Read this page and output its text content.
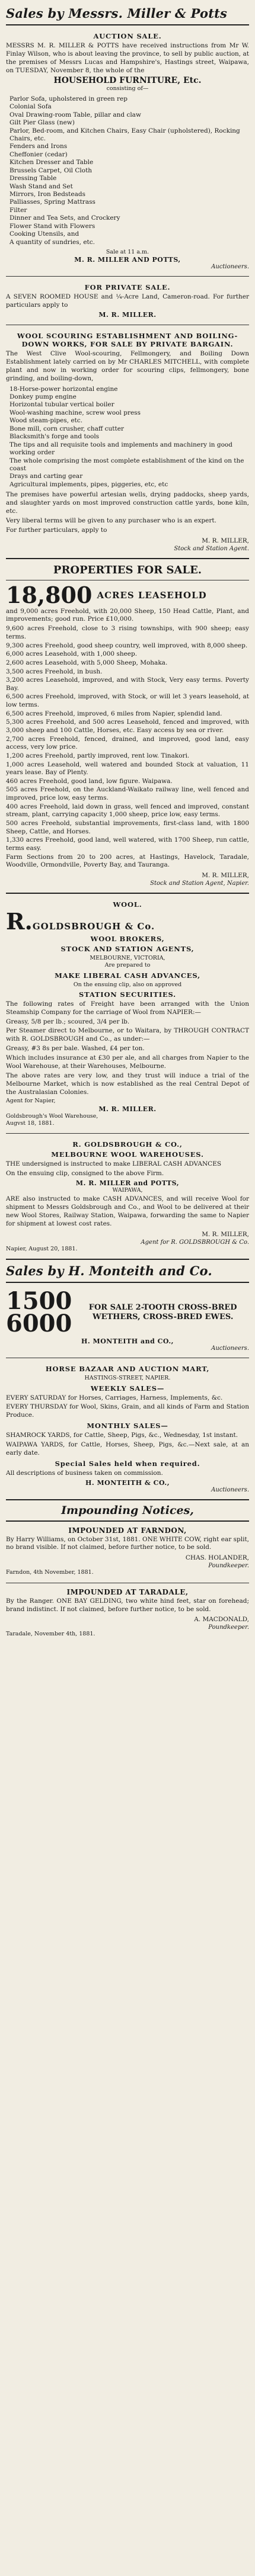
Sales by Messrs. Miller & Potts
AUCTION SALE.
MESSRS M. R. MILLER & POTTS have received instructions from Mr W. Finlay Wilson, who is about leaving the province, to sell by public auction, at the premises of Messrs Lucas and Hampshire's, Hastings street, Waipawa, on TUESDAY, November 8, the whole of the
HOUSEHOLD FURNITURE, Etc.
consisting of—
Parlor Sofa, upholstered in green rep
Colonial Sofa
Oval Drawing-room Table, pillar and claw
Gilt Pier Glass (new)
Parlor, Bed-room, and Kitchen Chairs, Easy Chair (upholstered), Rocking Chairs, etc.
Fenders and Irons
Cheffonier (cedar)
Kitchen Dresser and Table
Brussels Carpet, Oil Cloth
Dressing Table
Wash Stand and Set
Mirrors, Iron Bedsteads
Palliasses, Spring Mattrass
Filter
Dinner and Tea Sets, and Crockery
Flower Stand with Flowers
Cooking Utensils, and
A quantity of sundries, etc.
Sale at 11 a.m.
M. R. MILLER AND POTTS,
Auctioneers.
FOR PRIVATE SALE.
A SEVEN ROOMED HOUSE and ¼-Acre Land, Cameron-road. For further particulars apply to
M. R. MILLER.
WOOL SCOURING ESTABLISHMENT AND BOILING-DOWN WORKS, FOR SALE BY PRIVATE BARGAIN.
The West Clive Wool-scouring, Fellmongery, and Boiling Down Establishment lately carried on by Mr CHARLES MITCHELL, with complete plant and now in working order for scouring clips, fellmongery, bone grinding, and boiling-down,
18-Horse-power horizontal engine
Donkey pump engine
Horizontal tubular vertical boiler
Wool-washing machine, screw wool press
Wood steam-pipes, etc.
Bone mill, corn crusher, chaff cutter
Blacksmith's forge and tools
The tips and all requisite tools and implements and machinery in good working order
The whole comprising the most complete establishment of the kind on the coast
Drays and carting gear
Agricultural implements, pipes, piggeries, etc, etc
The premises have powerful artesian wells, drying paddocks, sheep yards, and slaughter yards on most improved construction cattle yards, bone kiln, etc.
Very liberal terms will be given to any purchaser who is an expert.
For further particulars, apply to
M. R. MILLER,
Stock and Station Agent.
PROPERTIES FOR SALE.
18,800 ACRES LEASEHOLD
and 9,000 acres Freehold, with 20,000 Sheep, 150 Head Cattle, Plant, and improvements; good run. Price £10,000.
9,600 acres Freehold, close to 3 rising townships, with 900 sheep; easy terms.
9,300 acres Freehold, good sheep country, well improved, with 8,000 sheep.
6,000 acres Leasehold, with 1,000 sheep.
2,600 acres Leasehold, with 5,000 Sheep, Mohaka.
3,500 acres Freehold, in bush.
3,200 acres Leasehold, improved, and with Stock, Very easy terms. Poverty Bay.
6,500 acres Freehold, improved, with Stock, or will let 3 years leasehold, at low terms.
6,500 acres Freehold, improved, 6 miles from Napier, splendid land.
5,300 acres Freehold, and 500 acres Leasehold, fenced and improved, with 3,000 sheep and 100 Cattle, Horses, etc. Easy access by sea or river.
2,700 acres Freehold, fenced, drained, and improved, good land, easy access, very low price.
1,200 acres Freehold, partly improved, rent low. Tinakori.
1,000 acres Leasehold, well watered and bounded Stock at valuation, 11 years lease. Bay of Plenty.
460 acres Freehold, good land, low figure. Waipawa.
505 acres Freehold, on the Auckland-Waikato railway line, well fenced and improved, price low, easy terms.
400 acres Freehold, laid down in grass, well fenced and improved, constant stream, plant, carrying capacity 1,000 sheep, price low, easy terms.
500 acres Freehold, substantial improvements, first-class land, with 1800 Sheep, Cattle, and Horses.
1,330 acres Freehold, good land, well watered, with 1700 Sheep, run cattle, terms easy.
Farm Sections from 20 to 200 acres, at Hastings, Havelock, Taradale, Woodville, Ormondville, Poverty Bay, and Tauranga.
M. R. MILLER,
Stock and Station Agent, Napier.
WOOL.
R. GOLDSBROUGH & Co.
WOOL BROKERS,
STOCK AND STATION AGENTS,
MELBOURNE, VICTORIA,
Are prepared to
MAKE LIBERAL CASH ADVANCES,
On the ensuing clip, also on approved
STATION SECURITIES.
The following rates of Freight have been arranged with the Union Steamship Company for the carriage of Wool from NAPIER:—
Greasy, 5/8 per lb.; scoured, 3/4 per lb.
Per Steamer direct to Melbourne, or to Waitara, by THROUGH CONTRACT with R. GOLDSBROUGH and Co., as under:—
Greasy, #3 8s per bale. Washed, £4 per ton.
Which includes insurance at £30 per ale, and all charges from Napier to the Wool Warehouse, at their Warehouses, Melbourne.
The above rates are very low, and they trust will induce a trial of the Melbourne Market, which is now established as the real Central Depot of the Australasian Colonies.
Agent for Napier,
M. R. MILLER.
Goldsbrough's Wool Warehouse,
Augvst 18, 1881.
R. GOLDSBROUGH & CO.,
MELBOURNE WOOL WAREHOUSES.
THE undersigned is instructed to make LIBERAL CASH ADVANCES
On the ensuing clip, consigned to the above Firm.
M. R. MILLER and POTTS,
WAIPAWA,
ARE also instructed to make CASH ADVANCES, and will receive Wool for shipment to Messrs Goldsbrough and Co., and Wool to be delivered at their new Wool Stores, Railway Station, Waipawa, forwarding the same to Napier for shipment at lowest cost rates.
M. R. MILLER,
Agent for R. GOLDSBROUGH & Co.
Napier, August 20, 1881.
Sales by H. Monteith and Co.
1500
6000
FOR SALE 2-TOOTH CROSS-BRED WETHERS, CROSS-BRED EWES.
H. MONTEITH and CO.,
Auctioneers.
HORSE BAZAAR AND AUCTION MART,
HASTINGS-STREET, NAPIER.
WEEKLY SALES—
EVERY SATURDAY for Horses, Carriages, Harness, Implements, &c.
EVERY THURSDAY for Wool, Skins, Grain, and all kinds of Farm and Station Produce.
MONTHLY SALES—
SHAMROCK YARDS, for Cattle, Sheep, Pigs, &c., Wednesday, 1st instant.
WAIPAWA YARDS, for Cattle, Horses, Sheep, Pigs, &c.—Next sale, at an early date.
Special Sales held when required.
All descriptions of business taken on commission.
H. MONTEITH & CO.,
Auctioneers.
Impounding Notices,
IMPOUNDED AT FARNDON,
By Harry Williams, on October 31st, 1881. ONE WHITE COW, right ear split, no brand visible. If not claimed, before further notice, to be sold.
CHAS. HOLANDER,
Poundkeeper.
Farndon, 4th November, 1881.
IMPOUNDED AT TARADALE,
By the Ranger. ONE BAY GELDING, two white hind feet, star on forehead; brand indistinct. If not claimed, before further notice, to be sold.
A. MACDONALD,
Poundkeeper.
Taradale, November 4th, 1881.
